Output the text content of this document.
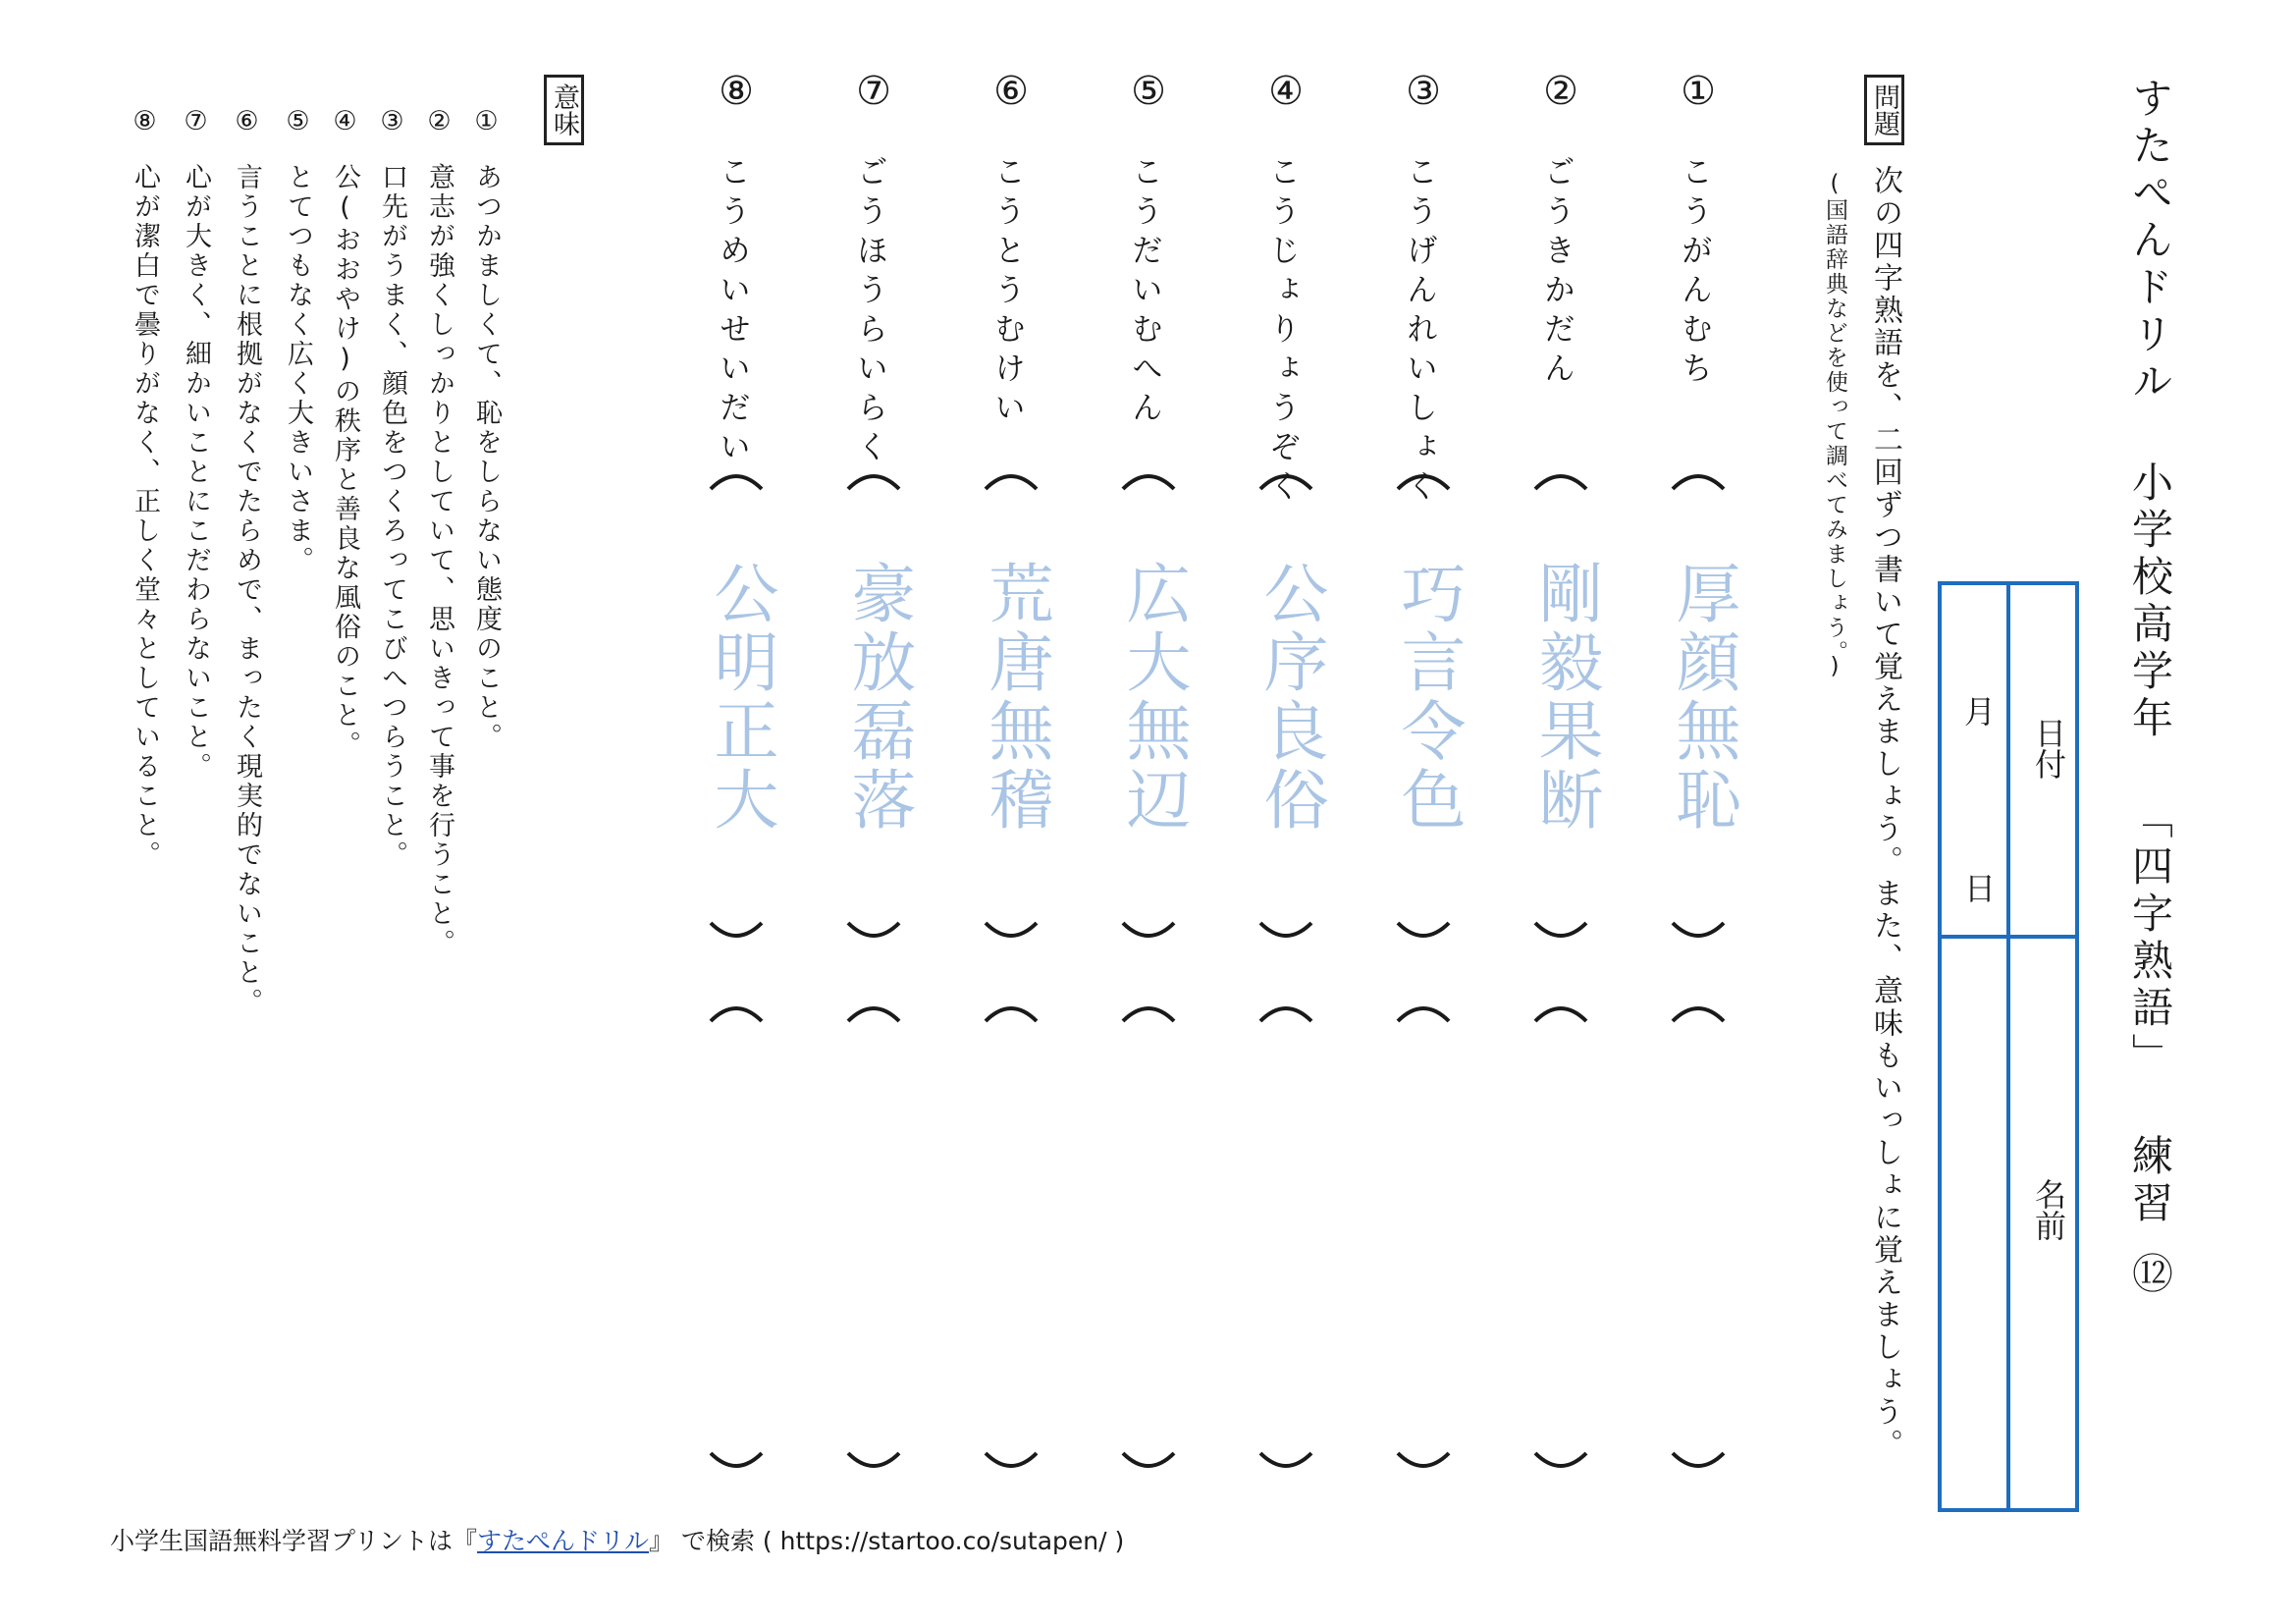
すたぺんドリル 小学校高学年 「四字熟語」 練習⑫
問題
次の四字熟語を、二回ずつ書いて覚えましょう。また、意味もいっしょに覚えましょう。
(国語辞典などを使って調べてみましょう。)
日付
月
日
名前
①
こうがんむち
厚顔無恥
②
ごうきかだん
剛毅果断
③
こうげんれいしょく
巧言令色
④
こうじょりょうぞく
公序良俗
⑤
こうだいむへん
広大無辺
⑥
こうとうむけい
荒唐無稽
⑦
ごうほうらいらく
豪放磊落
⑧
こうめいせいだい
公明正大
意味
①あつかましくて、恥をしらない態度のこと。
②意志が強くしっかりとしていて、思いきって事を行うこと。
③口先がうまく、顔色をつくろってこびへつらうこと。
④公(おおやけ)の秩序と善良な風俗のこと。
⑤とてつもなく広く大きいさま。
⑥言うことに根拠がなくでたらめで、まったく現実的でないこと。
⑦心が大きく、細かいことにこだわらないこと。
⑧心が潔白で曇りがなく、正しく堂々としていること。
小学生国語無料学習プリントは『すたぺんドリル』 で検索 ( https://startoo.co/sutapen/ )
